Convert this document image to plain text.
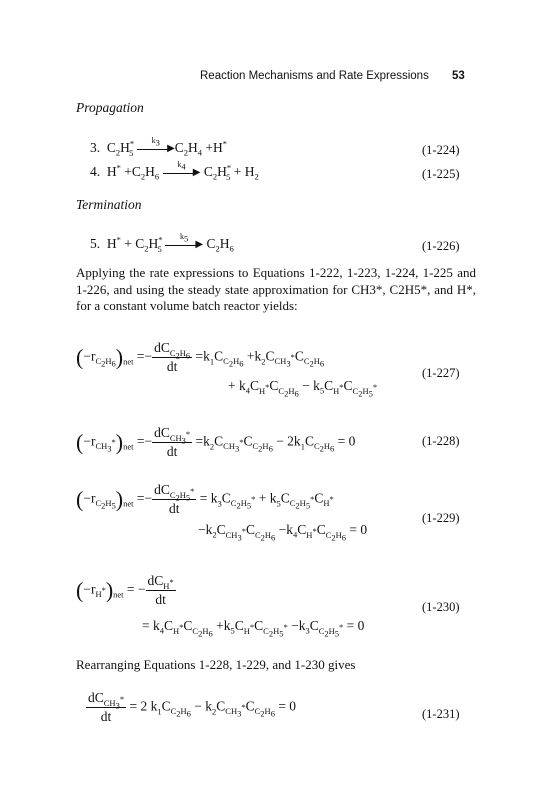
Reaction Mechanisms and Rate Expressions 53
Propagation
3.  $C_2H^*_5$
$k_3$
▶ $C_2H_4 +H^*$	(1-224)
4.  $H^* +C_2H_6$
$k_4$
▶ $C_2H^*_5 + H_2$	(1-225)
Termination
5.  $H^* + C_2H^*_5$
$k_5$
▶ $C_2H_6$	(1-226)
Applying the rate expressions to Equations 1-222, 1-223, 1-224, 1-225 and 1-226, and using the steady state approximation for CH3*, C2H5*, and H*, for a constant volume batch reactor yields:
$(-r_{C_2H_6})_{net} =- \frac{dC_{C_2H_6}}{dt} =k_1C_{C_2H_6} +k_2C_{CH_3^*}C_{C_2H_6}$
+ $k_4C_{H^*}C_{C_2H_6} - k_5C_{H^*}C_{C_2H_5^*}$
(1-227)
$(-r_{CH_3^*})_{net} =- \frac{dC_{CH_3^*}}{dt} =k_2C_{CH_3^*}C_{C_2H_6} - 2k_1C_{C_2H_6} = 0$	(1-228)
$(-r_{C_2H_5})_{net} =- \frac{dC_{C_2H_5^*}}{dt} = k_3C_{C_2H_5^*} + k_5C_{C_2H_5^*}C_{H^*}$
$-k_2C_{CH_3^*}C_{C_2H_6} -k_4C_{H^*}C_{C_2H_6} = 0$
(1-229)
$(-r_{H^*})_{net}$ = − $\frac{dC_{H^*}}{dt}$
= $k_4C_{H^*}C_{C_2H_6} +k_5C_{H^*}C_{C_2H_5^*} -k_3C_{C_2H_5^*} = 0$
(1-230)
Rearranging Equations 1-228, 1-229, and 1-230 gives
$\frac{dC_{CH_3^*}}{dt} = 2$ $k_1C_{C_2H_6} - k_2C_{CH_3^*}C_{C_2H_6} = 0$
(1-231)
